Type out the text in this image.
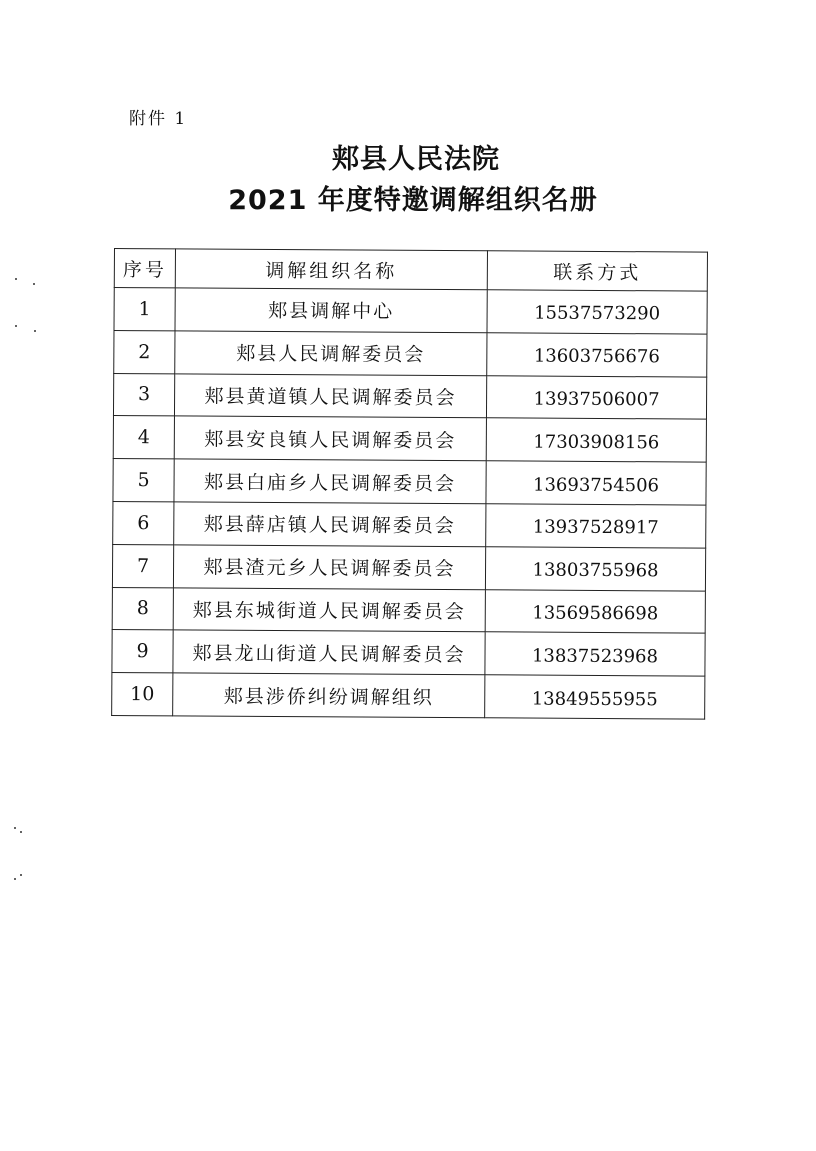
附件 1
郏县人民法院
2021 年度特邀调解组织名册
序号	调解组织名称	联系方式
1	郏县调解中心	15537573290
2	郏县人民调解委员会	13603756676
3	郏县黄道镇人民调解委员会	13937506007
4	郏县安良镇人民调解委员会	17303908156
5	郏县白庙乡人民调解委员会	13693754506
6	郏县薛店镇人民调解委员会	13937528917
7	郏县渣元乡人民调解委员会	13803755968
8	郏县东城街道人民调解委员会	13569586698
9	郏县龙山街道人民调解委员会	13837523968
10	郏县涉侨纠纷调解组织	13849555955
